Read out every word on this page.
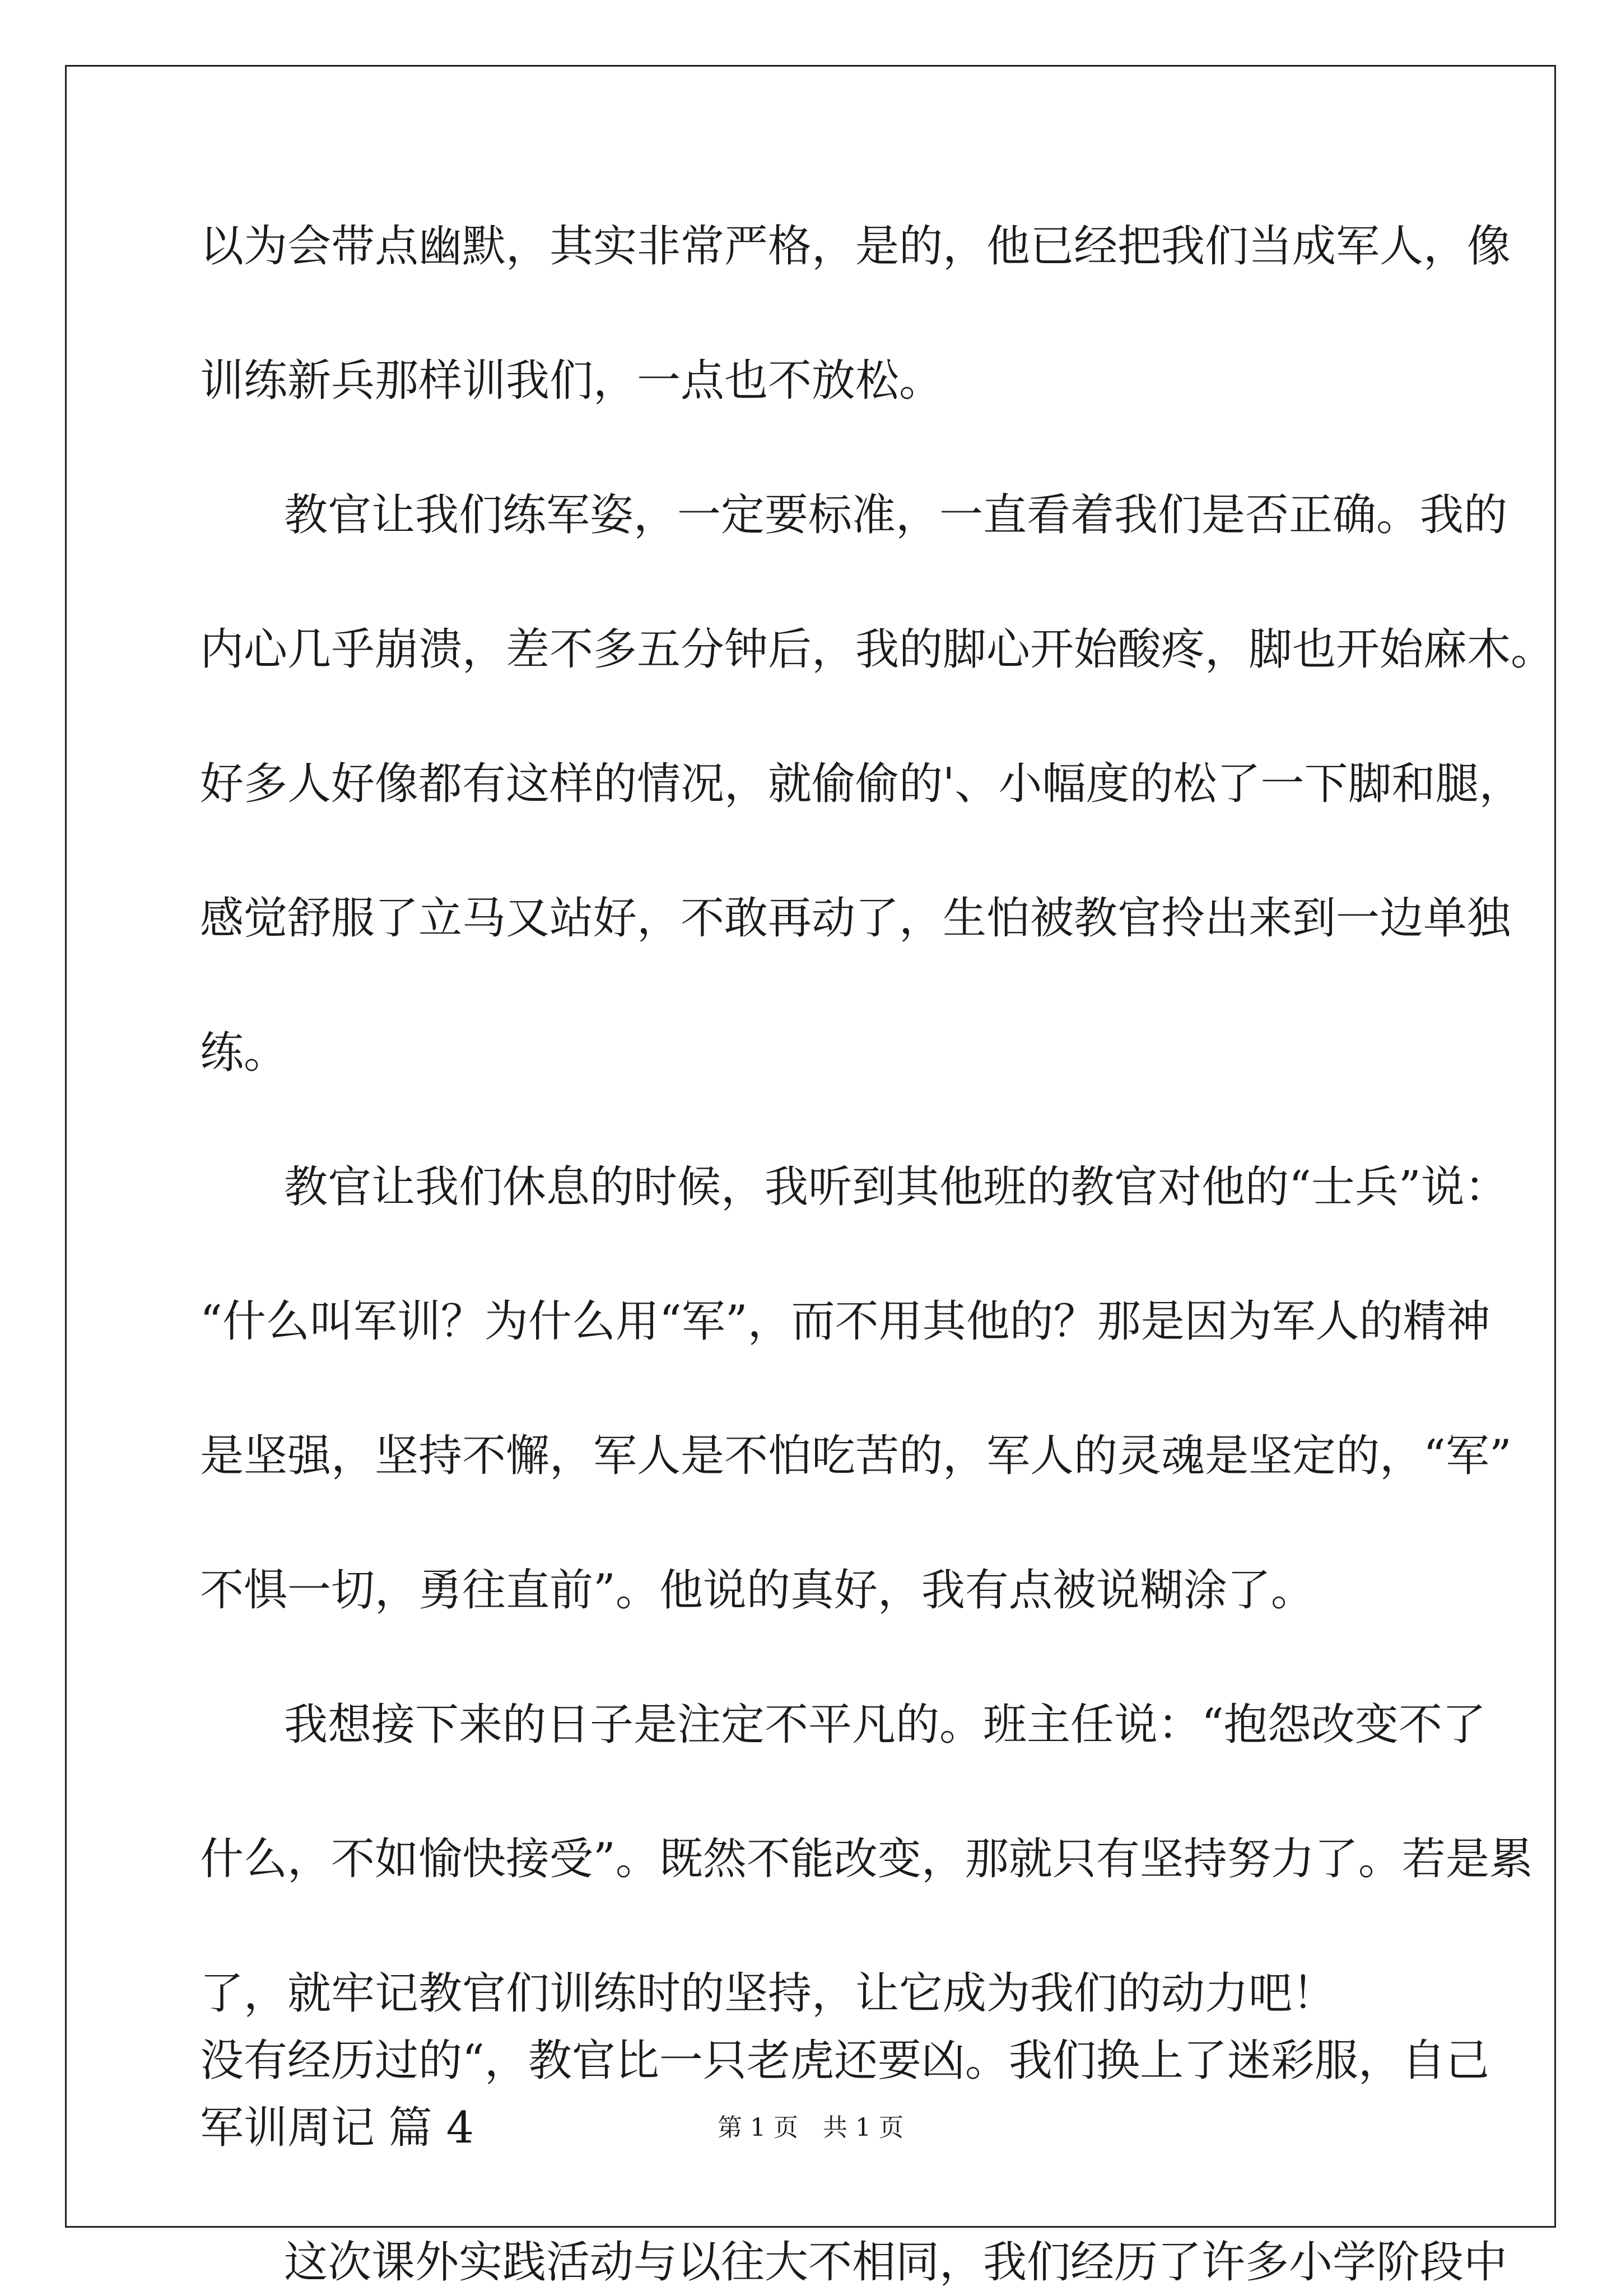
以为会带点幽默，其实非常严格，是的，他已经把我们当成军人，像
训练新兵那样训我们，一点也不放松。
教官让我们练军姿，一定要标准，一直看着我们是否正确。我的
内心几乎崩溃，差不多五分钟后，我的脚心开始酸疼，脚也开始麻木。
好多人好像都有这样的情况，就偷偷的'、小幅度的松了一下脚和腿，
感觉舒服了立马又站好，不敢再动了，生怕被教官拎出来到一边单独
练。
教官让我们休息的时候，我听到其他班的教官对他的“士兵”说：
“什么叫军训？为什么用“军”，而不用其他的？那是因为军人的精神
是坚强，坚持不懈，军人是不怕吃苦的，军人的灵魂是坚定的，“军”
不惧一切，勇往直前”。他说的真好，我有点被说糊涂了。
我想接下来的日子是注定不平凡的。班主任说：“抱怨改变不了
什么，不如愉快接受”。既然不能改变，那就只有坚持努力了。若是累
了，就牢记教官们训练时的坚持，让它成为我们的动力吧！
军训周记 篇 4
这次课外实践活动与以往大不相同，我们经历了许多小学阶段中
没有经历过的“，教官比一只老虎还要凶。我们换上了迷彩服，自己
第 1 页 共 1 页
